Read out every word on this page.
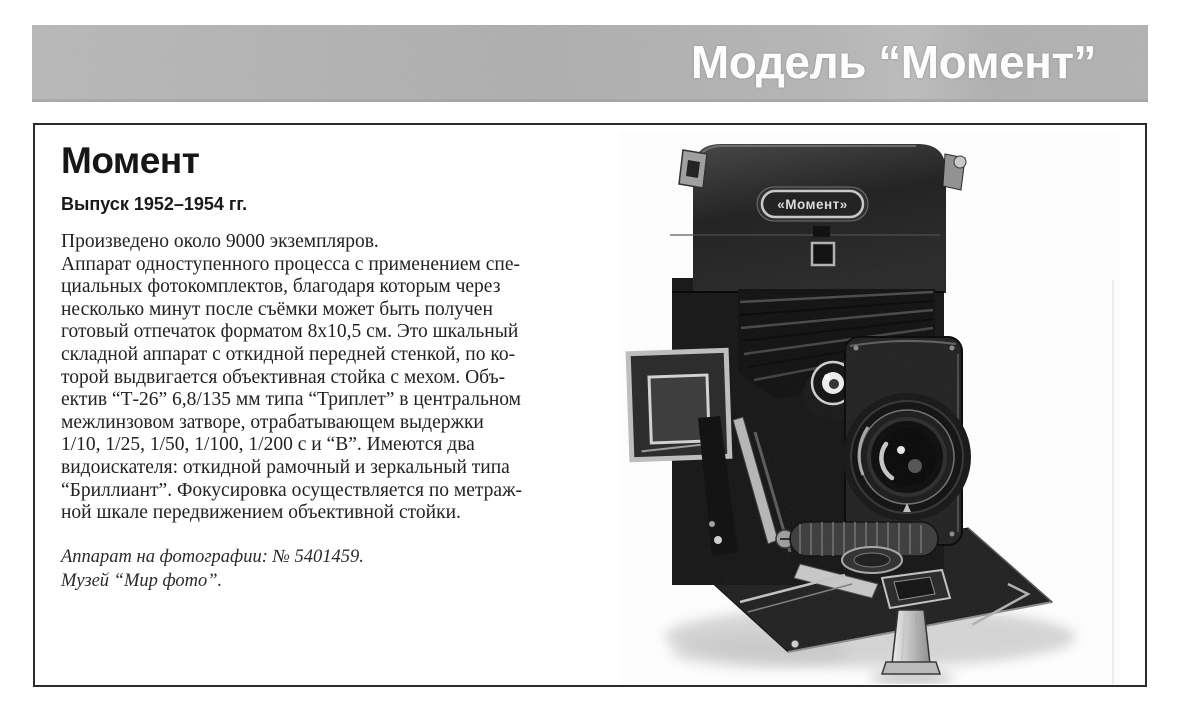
Модель “Момент”
Момент
Выпуск 1952–1954 гг.

Произведено около 9000 экземпляров.
Аппарат одноступенного процесса с применением спе-
циальных фотокомплектов, благодаря которым через
несколько минут после съёмки может быть получен
готовый отпечаток форматом 8x10,5 см. Это шкальный
складной аппарат с откидной передней стенкой, по ко-
торой выдвигается объективная стойка с мехом. Объ-
ектив “Т-26” 6,8/135 мм типа “Триплет” в центральном
межлинзовом затворе, отрабатывающем выдержки
1/10, 1/25, 1/50, 1/100, 1/200 с и “В”. Имеются два
видоискателя: откидной рамочный и зеркальный типа
“Бриллиант”. Фокусировка осуществляется по метраж-
ной шкале передвижением объективной стойки.

Аппарат на фотографии: № 5401459.
Музей “Мир фото”.

«Момент»
